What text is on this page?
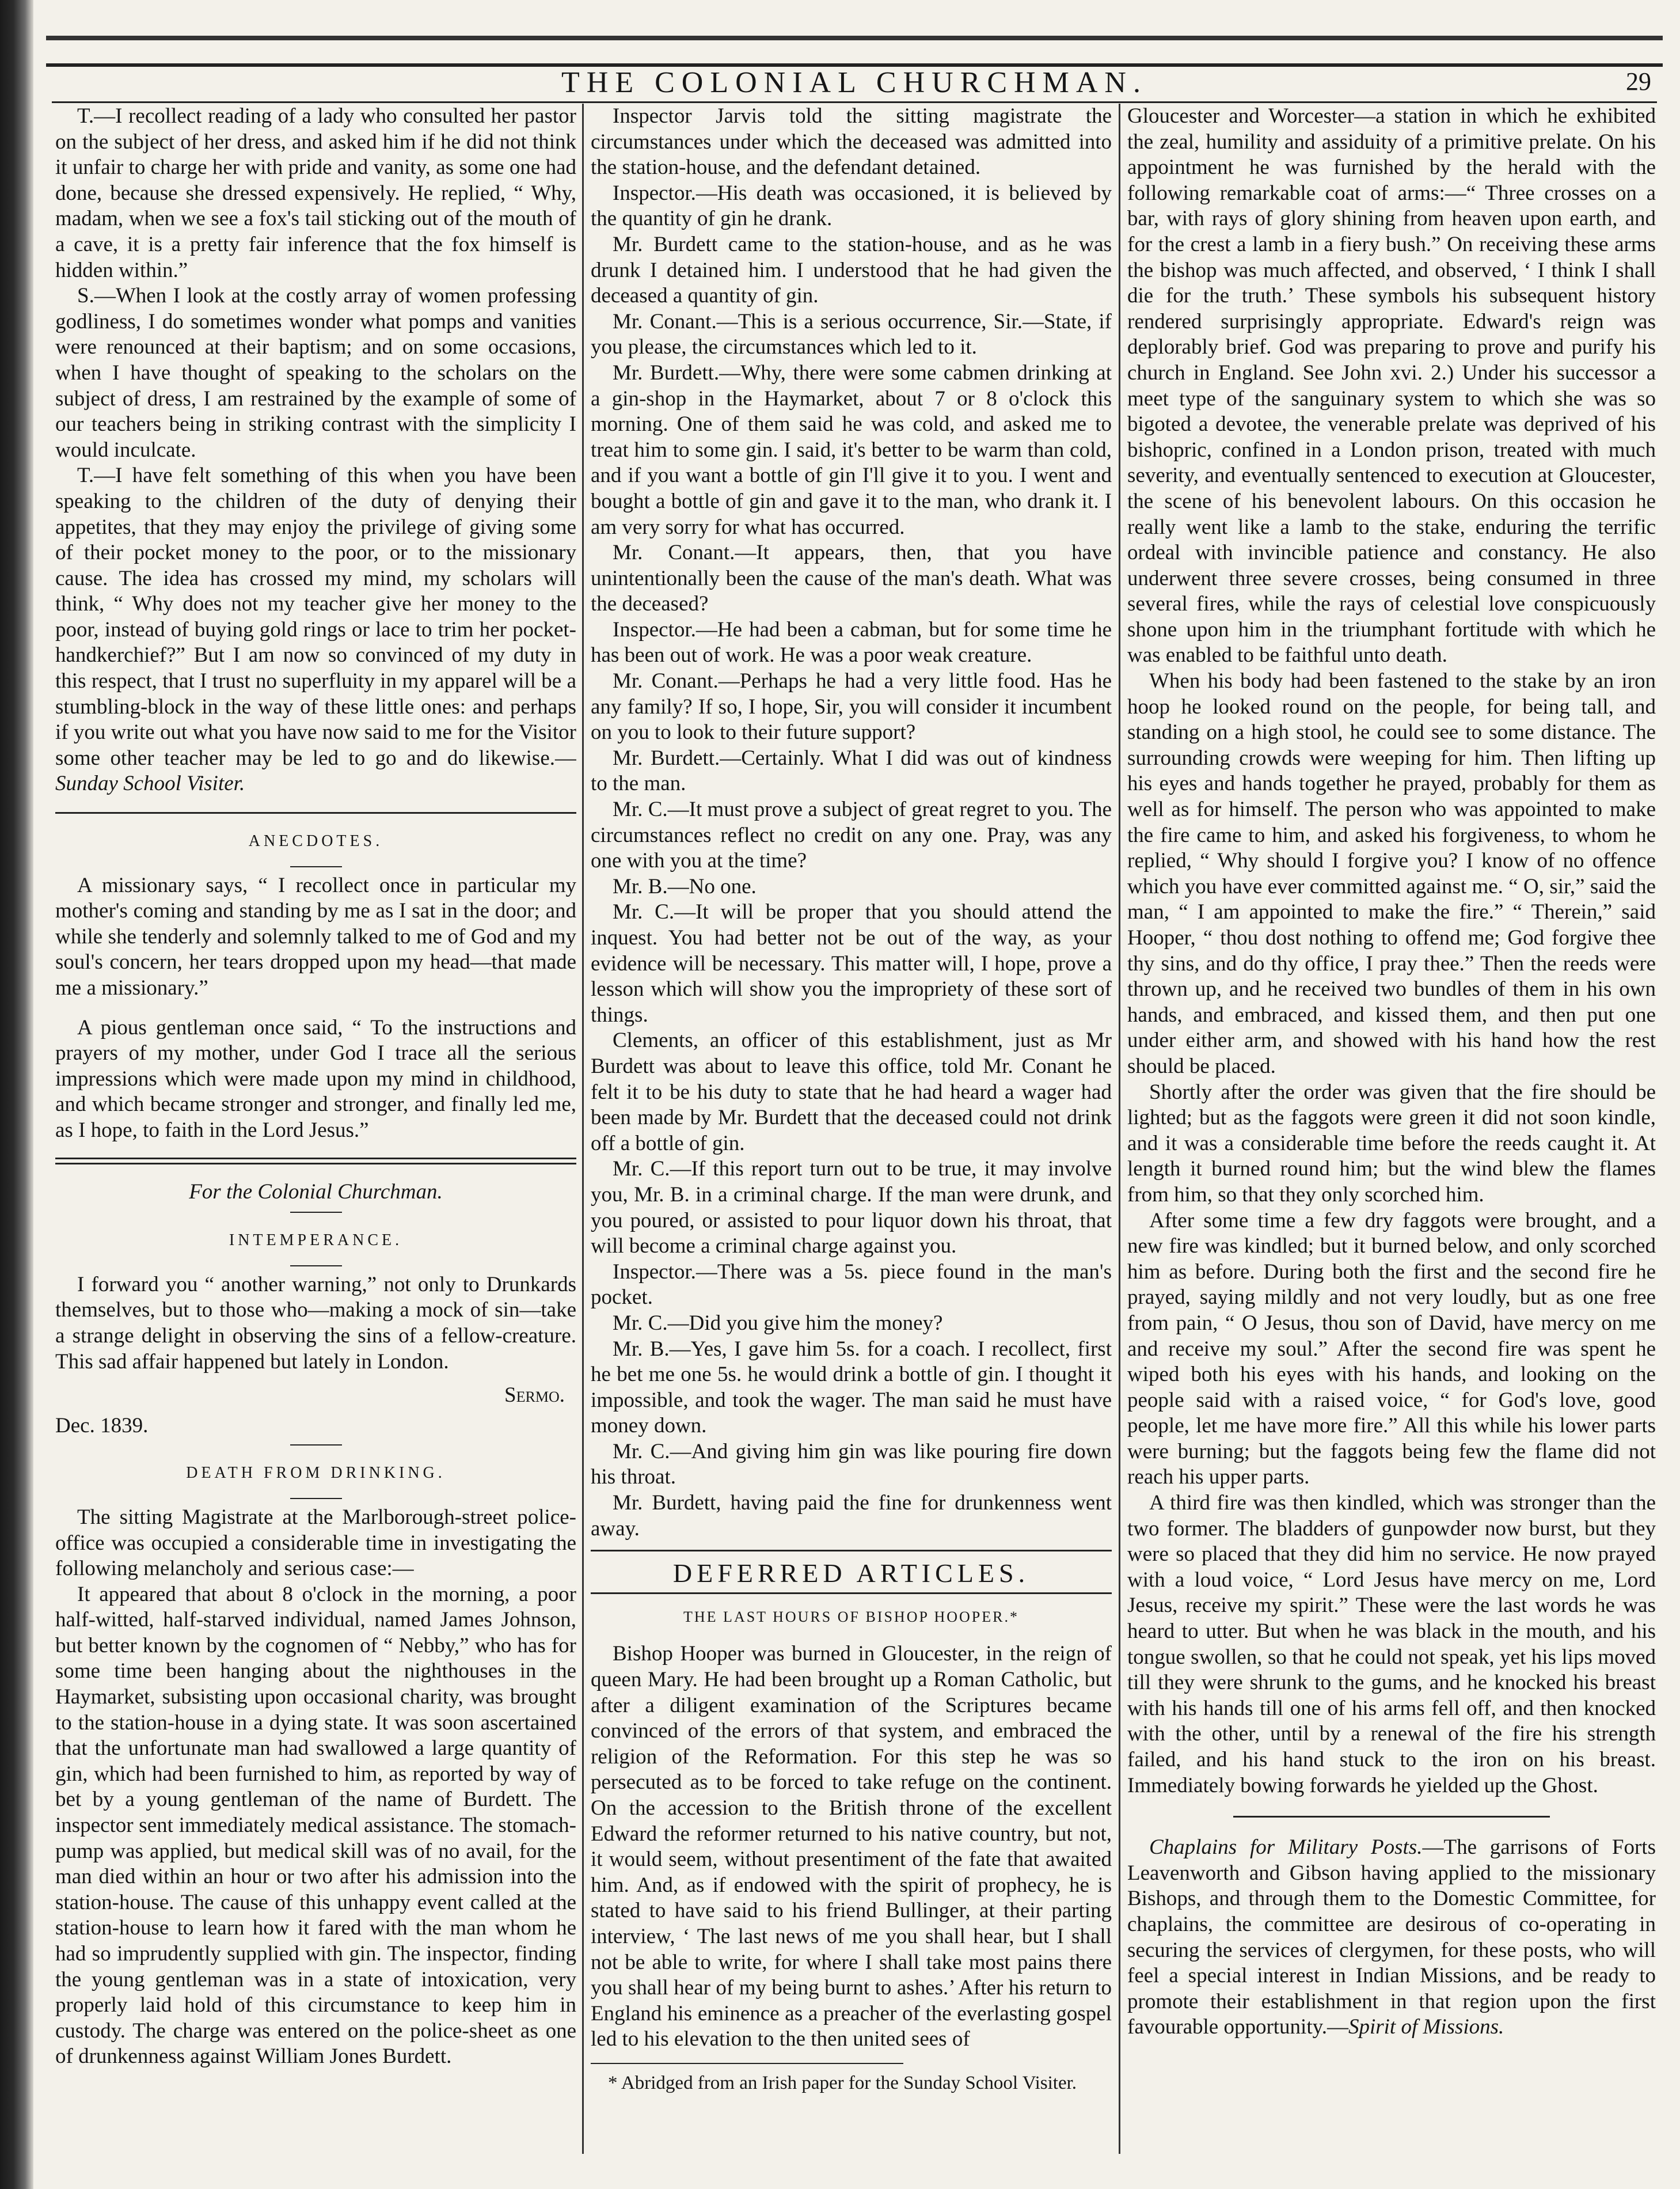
THE COLONIAL CHURCHMAN.	29

T.—I recollect reading of a lady who consulted her pastor on the subject of her dress, and asked him if he did not think it unfair to charge her with pride and vanity, as some one had done, because she dressed expensively. He replied, “ Why, madam, when we see a fox's tail sticking out of the mouth of a cave, it is a pretty fair inference that the fox himself is hidden within.”

S.—When I look at the costly array of women professing godliness, I do sometimes wonder what pomps and vanities were renounced at their baptism; and on some occasions, when I have thought of speaking to the scholars on the subject of dress, I am restrained by the example of some of our teachers being in striking contrast with the simplicity I would inculcate.

T.—I have felt something of this when you have been speaking to the children of the duty of denying their appetites, that they may enjoy the privilege of giving some of their pocket money to the poor, or to the missionary cause. The idea has crossed my mind, my scholars will think, “ Why does not my teacher give her money to the poor, instead of buying gold rings or lace to trim her pocket-handkerchief?” But I am now so convinced of my duty in this respect, that I trust no superfluity in my apparel will be a stumbling-block in the way of these little ones: and perhaps if you write out what you have now said to me for the Visitor some other teacher may be led to go and do likewise.—Sunday School Visiter.

ANECDOTES.

A missionary says, “ I recollect once in particular my mother's coming and standing by me as I sat in the door; and while she tenderly and solemnly talked to me of God and my soul's concern, her tears dropped upon my head—that made me a missionary.”

A pious gentleman once said, “ To the instructions and prayers of my mother, under God I trace all the serious impressions which were made upon my mind in childhood, and which became stronger and stronger, and finally led me, as I hope, to faith in the Lord Jesus.”

For the Colonial Churchman.
INTEMPERANCE.

I forward you “ another warning,” not only to Drunkards themselves, but to those who—making a mock of sin—take a strange delight in observing the sins of a fellow-creature. This sad affair happened but lately in London.

Sermo.

Dec. 1839.

DEATH FROM DRINKING.

The sitting Magistrate at the Marlborough-street police-office was occupied a considerable time in investigating the following melancholy and serious case:—

It appeared that about 8 o'clock in the morning, a poor half-witted, half-starved individual, named James Johnson, but better known by the cognomen of “ Nebby,” who has for some time been hanging about the nighthouses in the Haymarket, subsisting upon occasional charity, was brought to the station-house in a dying state. It was soon ascertained that the unfortunate man had swallowed a large quantity of gin, which had been furnished to him, as reported by way of bet by a young gentleman of the name of Burdett. The inspector sent immediately medical assistance. The stomach-pump was applied, but medical skill was of no avail, for the man died within an hour or two after his admission into the station-house. The cause of this unhappy event called at the station-house to learn how it fared with the man whom he had so imprudently supplied with gin. The inspector, finding the young gentleman was in a state of intoxication, very properly laid hold of this circumstance to keep him in custody. The charge was entered on the police-sheet as one of drunkenness against William Jones Burdett.

Inspector Jarvis told the sitting magistrate the circumstances under which the deceased was admitted into the station-house, and the defendant detained.

Inspector.—His death was occasioned, it is believed by the quantity of gin he drank.

Mr. Burdett came to the station-house, and as he was drunk I detained him. I understood that he had given the deceased a quantity of gin.

Mr. Conant.—This is a serious occurrence, Sir.—State, if you please, the circumstances which led to it.

Mr. Burdett.—Why, there were some cabmen drinking at a gin-shop in the Haymarket, about 7 or 8 o'clock this morning. One of them said he was cold, and asked me to treat him to some gin. I said, it's better to be warm than cold, and if you want a bottle of gin I'll give it to you. I went and bought a bottle of gin and gave it to the man, who drank it. I am very sorry for what has occurred.

Mr. Conant.—It appears, then, that you have unintentionally been the cause of the man's death. What was the deceased?

Inspector.—He had been a cabman, but for some time he has been out of work. He was a poor weak creature.

Mr. Conant.—Perhaps he had a very little food. Has he any family? If so, I hope, Sir, you will consider it incumbent on you to look to their future support?

Mr. Burdett.—Certainly. What I did was out of kindness to the man.

Mr. C.—It must prove a subject of great regret to you. The circumstances reflect no credit on any one. Pray, was any one with you at the time?

Mr. B.—No one.

Mr. C.—It will be proper that you should attend the inquest. You had better not be out of the way, as your evidence will be necessary. This matter will, I hope, prove a lesson which will show you the impropriety of these sort of things.

Clements, an officer of this establishment, just as Mr Burdett was about to leave this office, told Mr. Conant he felt it to be his duty to state that he had heard a wager had been made by Mr. Burdett that the deceased could not drink off a bottle of gin.

Mr. C.—If this report turn out to be true, it may involve you, Mr. B. in a criminal charge. If the man were drunk, and you poured, or assisted to pour liquor down his throat, that will become a criminal charge against you.

Inspector.—There was a 5s. piece found in the man's pocket.

Mr. C.—Did you give him the money?

Mr. B.—Yes, I gave him 5s. for a coach. I recollect, first he bet me one 5s. he would drink a bottle of gin. I thought it impossible, and took the wager. The man said he must have money down.

Mr. C.—And giving him gin was like pouring fire down his throat.

Mr. Burdett, having paid the fine for drunkenness went away.

DEFERRED ARTICLES.
THE LAST HOURS OF BISHOP HOOPER.*

Bishop Hooper was burned in Gloucester, in the reign of queen Mary. He had been brought up a Roman Catholic, but after a diligent examination of the Scriptures became convinced of the errors of that system, and embraced the religion of the Reformation. For this step he was so persecuted as to be forced to take refuge on the continent. On the accession to the British throne of the excellent Edward the reformer returned to his native country, but not, it would seem, without presentiment of the fate that awaited him. And, as if endowed with the spirit of prophecy, he is stated to have said to his friend Bullinger, at their parting interview, ‘ The last news of me you shall hear, but I shall not be able to write, for where I shall take most pains there you shall hear of my being burnt to ashes.’ After his return to England his eminence as a preacher of the everlasting gospel led to his elevation to the then united sees of

* Abridged from an Irish paper for the Sunday School Visiter.

Gloucester and Worcester—a station in which he exhibited the zeal, humility and assiduity of a primitive prelate. On his appointment he was furnished by the herald with the following remarkable coat of arms:—“ Three crosses on a bar, with rays of glory shining from heaven upon earth, and for the crest a lamb in a fiery bush.” On receiving these arms the bishop was much affected, and observed, ‘ I think I shall die for the truth.’ These symbols his subsequent history rendered surprisingly appropriate. Edward's reign was deplorably brief. God was preparing to prove and purify his church in England. See John xvi. 2.) Under his successor a meet type of the sanguinary system to which she was so bigoted a devotee, the venerable prelate was deprived of his bishopric, confined in a London prison, treated with much severity, and eventually sentenced to execution at Gloucester, the scene of his benevolent labours. On this occasion he really went like a lamb to the stake, enduring the terrific ordeal with invincible patience and constancy. He also underwent three severe crosses, being consumed in three several fires, while the rays of celestial love conspicuously shone upon him in the triumphant fortitude with which he was enabled to be faithful unto death.

When his body had been fastened to the stake by an iron hoop he looked round on the people, for being tall, and standing on a high stool, he could see to some distance. The surrounding crowds were weeping for him. Then lifting up his eyes and hands together he prayed, probably for them as well as for himself. The person who was appointed to make the fire came to him, and asked his forgiveness, to whom he replied, “ Why should I forgive you? I know of no offence which you have ever committed against me. “ O, sir,” said the man, “ I am appointed to make the fire.” “ Therein,” said Hooper, “ thou dost nothing to offend me; God forgive thee thy sins, and do thy office, I pray thee.” Then the reeds were thrown up, and he received two bundles of them in his own hands, and embraced, and kissed them, and then put one under either arm, and showed with his hand how the rest should be placed.

Shortly after the order was given that the fire should be lighted; but as the faggots were green it did not soon kindle, and it was a considerable time before the reeds caught it. At length it burned round him; but the wind blew the flames from him, so that they only scorched him.

After some time a few dry faggots were brought, and a new fire was kindled; but it burned below, and only scorched him as before. During both the first and the second fire he prayed, saying mildly and not very loudly, but as one free from pain, “ O Jesus, thou son of David, have mercy on me and receive my soul.” After the second fire was spent he wiped both his eyes with his hands, and looking on the people said with a raised voice, “ for God's love, good people, let me have more fire.” All this while his lower parts were burning; but the faggots being few the flame did not reach his upper parts.

A third fire was then kindled, which was stronger than the two former. The bladders of gunpowder now burst, but they were so placed that they did him no service. He now prayed with a loud voice, “ Lord Jesus have mercy on me, Lord Jesus, receive my spirit.” These were the last words he was heard to utter. But when he was black in the mouth, and his tongue swollen, so that he could not speak, yet his lips moved till they were shrunk to the gums, and he knocked his breast with his hands till one of his arms fell off, and then knocked with the other, until by a renewal of the fire his strength failed, and his hand stuck to the iron on his breast. Immediately bowing forwards he yielded up the Ghost.

Chaplains for Military Posts.—The garrisons of Forts Leavenworth and Gibson having applied to the missionary Bishops, and through them to the Domestic Committee, for chaplains, the committee are desirous of co-operating in securing the services of clergymen, for these posts, who will feel a special interest in Indian Missions, and be ready to promote their establishment in that region upon the first favourable opportunity.—Spirit of Missions.
